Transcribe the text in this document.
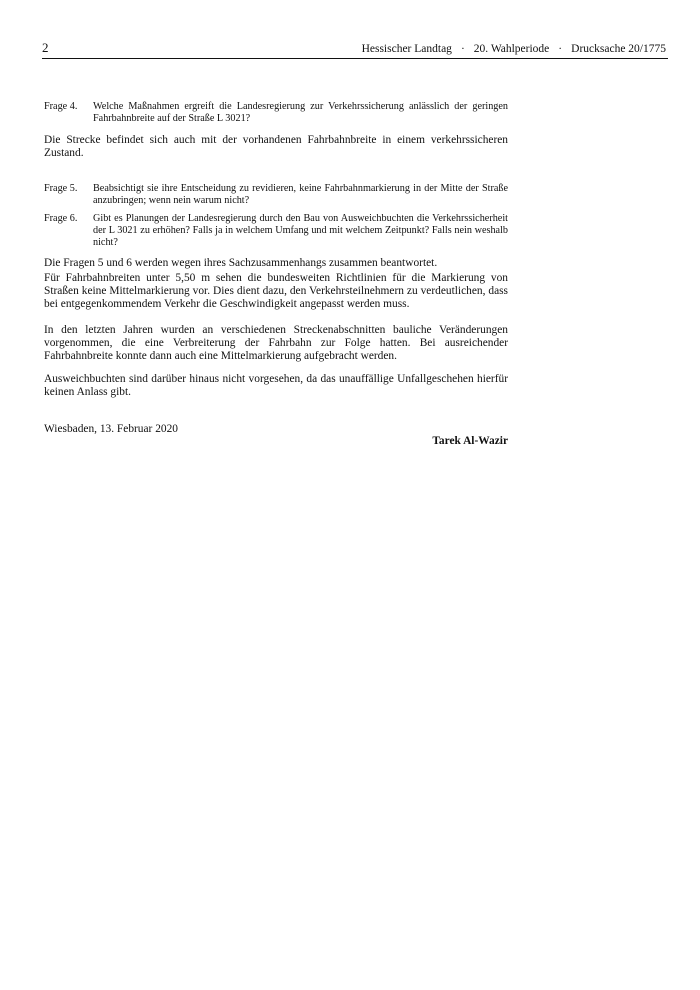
2	Hessischer Landtag · 20. Wahlperiode · Drucksache 20/1775
Frage 4. Welche Maßnahmen ergreift die Landesregierung zur Verkehrssicherung anlässlich der geringen Fahrbahnbreite auf der Straße L 3021?

Die Strecke befindet sich auch mit der vorhandenen Fahrbahnbreite in einem verkehrssicheren Zustand.

Frage 5. Beabsichtigt sie ihre Entscheidung zu revidieren, keine Fahrbahnmarkierung in der Mitte der Straße anzubringen; wenn nein warum nicht?
Frage 6. Gibt es Planungen der Landesregierung durch den Bau von Ausweichbuchten die Verkehrssicherheit der L 3021 zu erhöhen? Falls ja in welchem Umfang und mit welchem Zeitpunkt? Falls nein weshalb nicht?

Die Fragen 5 und 6 werden wegen ihres Sachzusammenhangs zusammen beantwortet.

Für Fahrbahnbreiten unter 5,50 m sehen die bundesweiten Richtlinien für die Markierung von Straßen keine Mittelmarkierung vor. Dies dient dazu, den Verkehrsteilnehmern zu verdeutlichen, dass bei entgegenkommendem Verkehr die Geschwindigkeit angepasst werden muss.

In den letzten Jahren wurden an verschiedenen Streckenabschnitten bauliche Veränderungen vorgenommen, die eine Verbreiterung der Fahrbahn zur Folge hatten. Bei ausreichender Fahrbahnbreite konnte dann auch eine Mittelmarkierung aufgebracht werden.

Ausweichbuchten sind darüber hinaus nicht vorgesehen, da das unauffällige Unfallgeschehen hierfür keinen Anlass gibt.

Wiesbaden, 13. Februar 2020
Tarek Al-Wazir
